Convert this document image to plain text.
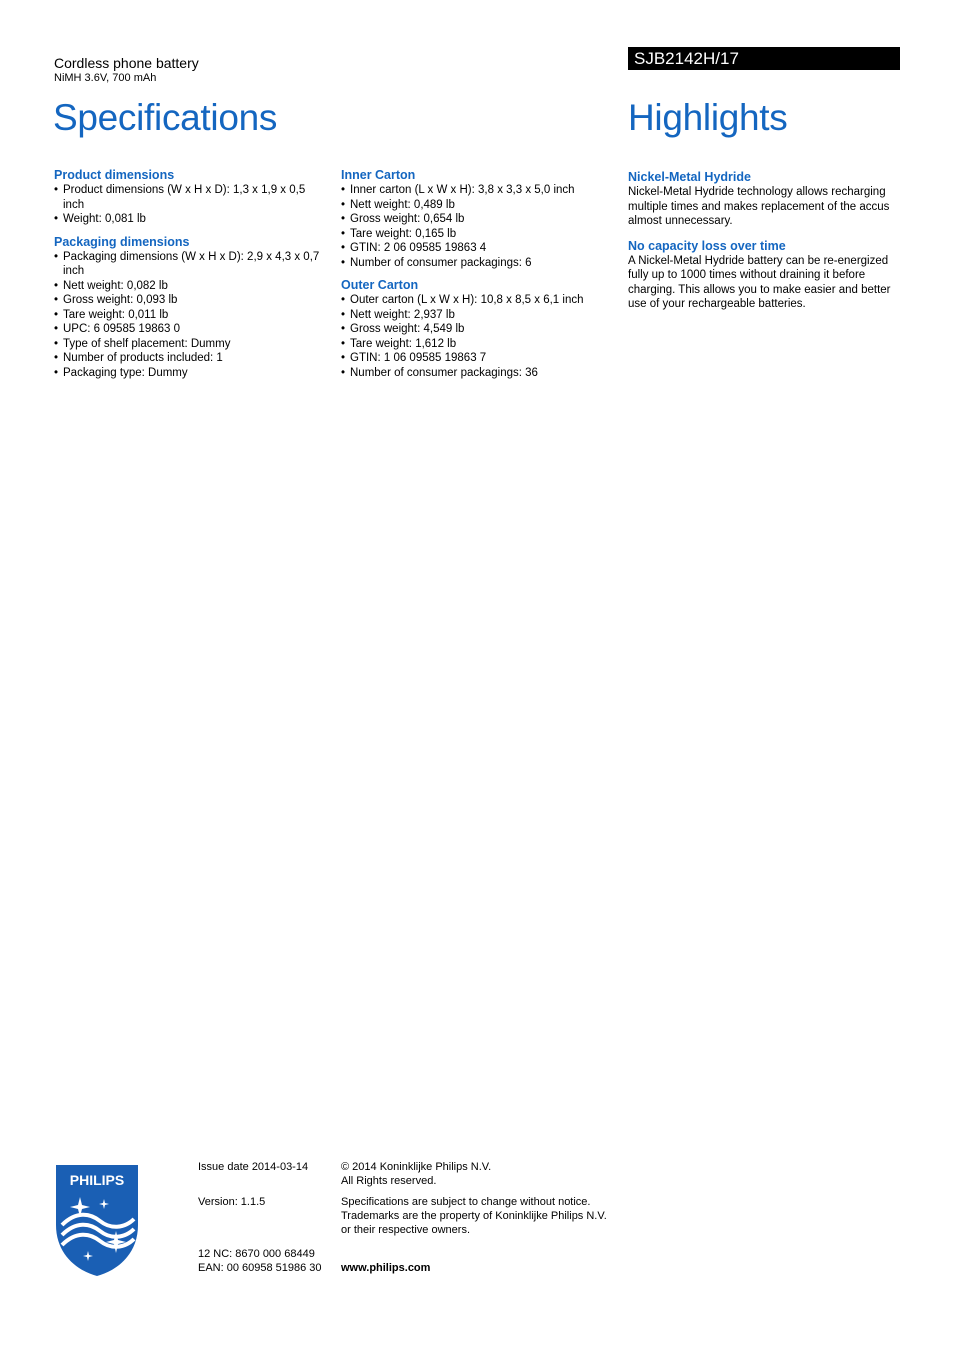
Cordless phone battery
NiMH 3.6V, 700 mAh
SJB2142H/17
Specifications	Highlights

Product dimensions

• Product dimensions (W x H x D): 1,3 x 1,9 x 0,5 inch
• Weight: 0,081 lb

Packaging dimensions

• Packaging dimensions (W x H x D): 2,9 x 4,3 x 0,7 inch
• Nett weight: 0,082 lb
• Gross weight: 0,093 lb
• Tare weight: 0,011 lb
• UPC: 6 09585 19863 0
• Type of shelf placement: Dummy
• Number of products included: 1
• Packaging type: Dummy

Inner Carton

• Inner carton (L x W x H): 3,8 x 3,3 x 5,0 inch
• Nett weight: 0,489 lb
• Gross weight: 0,654 lb
• Tare weight: 0,165 lb
• GTIN: 2 06 09585 19863 4
• Number of consumer packagings: 6

Outer Carton

• Outer carton (L x W x H): 10,8 x 8,5 x 6,1 inch
• Nett weight: 2,937 lb
• Gross weight: 4,549 lb
• Tare weight: 1,612 lb
• GTIN: 1 06 09585 19863 7
• Number of consumer packagings: 36

Nickel-Metal Hydride

Nickel-Metal Hydride technology allows recharging multiple times and makes replacement of the accus almost unnecessary.

No capacity loss over time

A Nickel-Metal Hydride battery can be re-energized fully up to 1000 times without draining it before charging. This allows you to make easier and better use of your rechargeable batteries.

PHILIPS
Issue date 2014-03-14
Version: 1.1.5
12 NC: 8670 000 68449
EAN: 00 60958 51986 30
© 2014 Koninklijke Philips N.V.
All Rights reserved.
Specifications are subject to change without notice.
Trademarks are the property of Koninklijke Philips N.V.
or their respective owners.
www.philips.com
